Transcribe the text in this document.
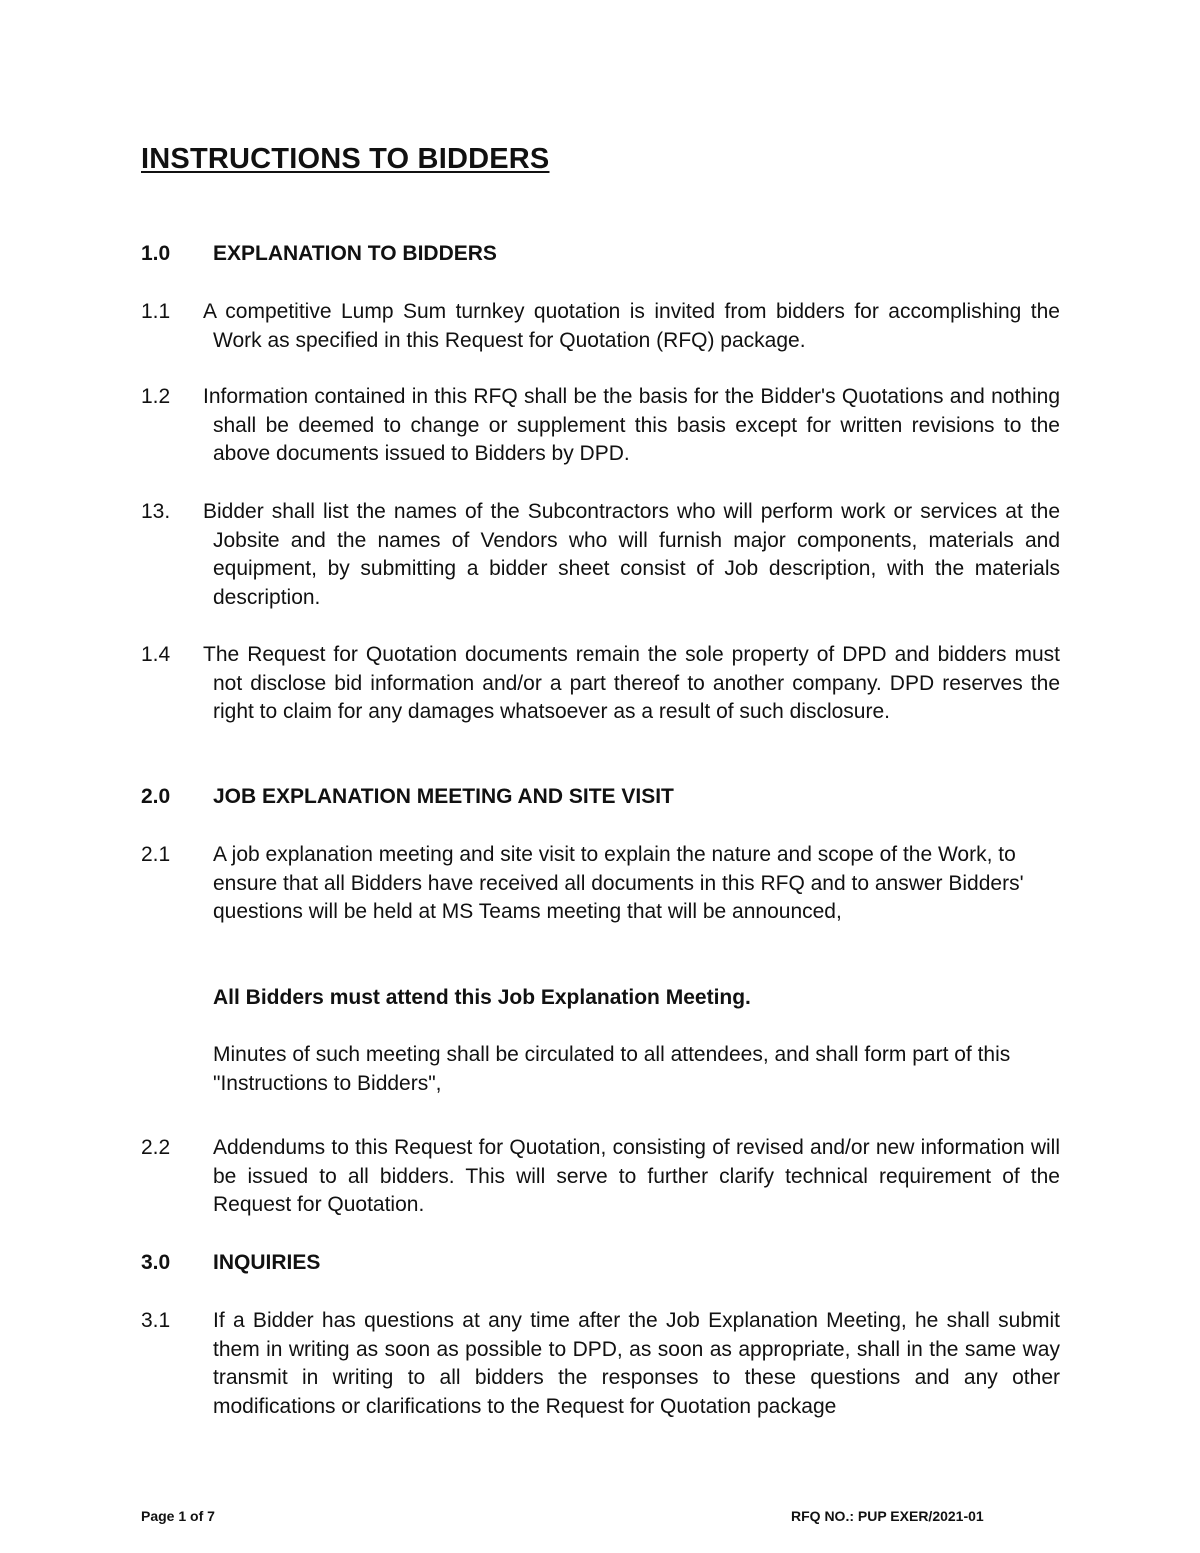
INSTRUCTIONS TO BIDDERS
1.0 EXPLANATION TO BIDDERS
1.1 A competitive Lump Sum turnkey quotation is invited from bidders for accomplishing the Work as specified in this Request for Quotation (RFQ) package.
1.2 Information contained in this RFQ shall be the basis for the Bidder's Quotations and nothing shall be deemed to change or supplement this basis except for written revisions to the above documents issued to Bidders by DPD.
13. Bidder shall list the names of the Subcontractors who will perform work or services at the Jobsite and the names of Vendors who will furnish major components, materials and equipment, by submitting a bidder sheet consist of Job description, with the materials description.
1.4 The Request for Quotation documents remain the sole property of DPD and bidders must not disclose bid information and/or a part thereof to another company. DPD reserves the right to claim for any damages whatsoever as a result of such disclosure.
2.0 JOB EXPLANATION MEETING AND SITE VISIT
2.1 A job explanation meeting and site visit to explain the nature and scope of the Work, to ensure that all Bidders have received all documents in this RFQ and to answer Bidders' questions will be held at MS Teams meeting that will be announced,
All Bidders must attend this Job Explanation Meeting.
Minutes of such meeting shall be circulated to all attendees, and shall form part of this "Instructions to Bidders",
2.2 Addendums to this Request for Quotation, consisting of revised and/or new information will be issued to all bidders. This will serve to further clarify technical requirement of the Request for Quotation.
3.0 INQUIRIES
3.1 If a Bidder has questions at any time after the Job Explanation Meeting, he shall submit them in writing as soon as possible to DPD, as soon as appropriate, shall in the same way transmit in writing to all bidders the responses to these questions and any other modifications or clarifications to the Request for Quotation package
Page 1 of 7	RFQ NO.: PUP EXER/2021-01
